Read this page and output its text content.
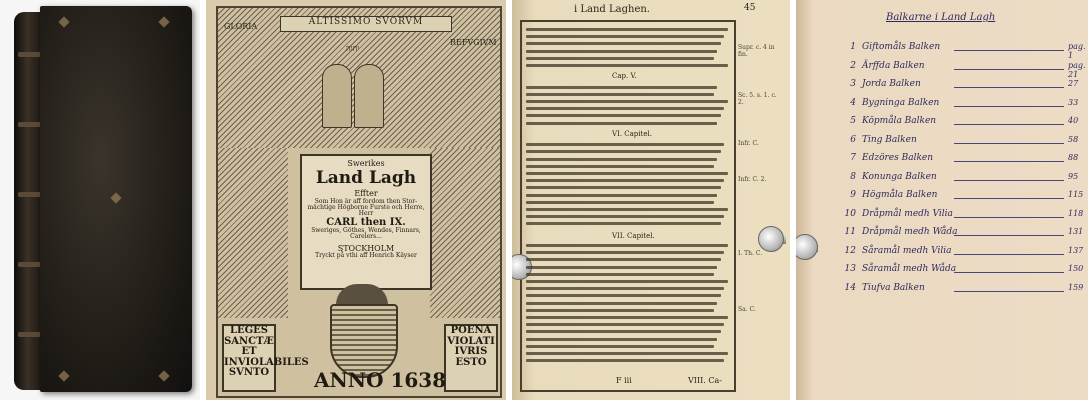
ALTISSIMO SVORVM
GLORIA
REFVGIVM
יהוה
Swerikes
Land Lagh
Effter
Som Hon är aff fordom then Stor-
mächtige Högborne Furste och Herre,
Herr
CARL then IX.
Sweriges, Göthes, Wendes, Finnars, Carelers...
STOCKHOLM
Tryckt på vthi aff Henrich Käyser
LEGES SANCTÆ ET INVIOLABILES SVNTO
POENA VIOLATI IVRIS ESTO
ANNO 1638
i Land Laghen.	45
Cap. V.
VI. Capitel.
VII. Capitel.
Supr. c. 4 in fin.
Sc. 5. s. 1. c. 2.
Infr. C.
Infr. C. 2.
I. Th. C.
Sa. C.
F iii	VIII. Ca-
Balkarne i Land Lagh
1 Giftomåls Balken	pag. 1
2 Ärffda Balken	pag. 21
3 Jorda Balken	27
4 Bygninga Balken	33
5 Köpmåla Balken	40
6 Ting Balken	58
7 Edzöres Balken	88
8 Konunga Balken	95
9 Högmåla Balken	115
10 Dråpmål medh Vilia	118
11 Dråpmål medh Wåda	131
12 Såramål medh Vilia	137
13 Såramål medh Wåda	150
14 Tiufva Balken	159
